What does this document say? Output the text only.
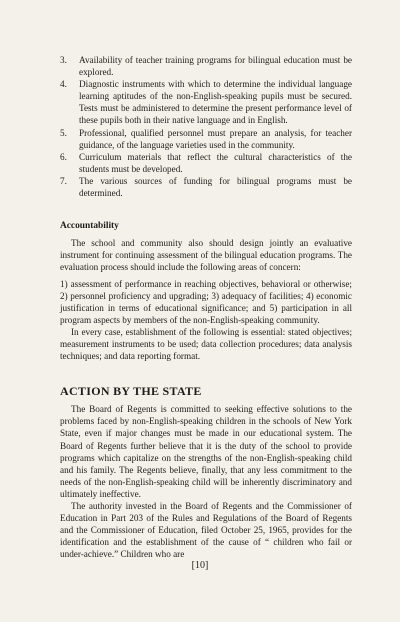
3.	Availability of teacher training programs for bilingual education must be explored.
4.	Diagnostic instruments with which to determine the individual language learning aptitudes of the non-English-speaking pupils must be secured. Tests must be administered to determine the present performance level of these pupils both in their native language and in English.
5.	Professional, qualified personnel must prepare an analysis, for teacher guidance, of the language varieties used in the community.
6.	Curriculum materials that reflect the cultural characteristics of the students must be developed.
7.	The various sources of funding for bilingual programs must be determined.
Accountability

The school and community also should design jointly an evaluative instrument for continuing assessment of the bilingual education programs. The evaluation process should include the following areas of concern:

1) assessment of performance in reaching objectives, behavioral or otherwise; 2) personnel proficiency and upgrading; 3) adequacy of facilities; 4) economic justification in terms of educational significance; and 5) participation in all program aspects by members of the non-English-speaking community.

In every case, establishment of the following is essential: stated objectives; measurement instruments to be used; data collection procedures; data analysis techniques; and data reporting format.

ACTION BY THE STATE

The Board of Regents is committed to seeking effective solutions to the problems faced by non-English-speaking children in the schools of New York State, even if major changes must be made in our educational system. The Board of Regents further believe that it is the duty of the school to provide programs which capitalize on the strengths of the non-English-speaking child and his family. The Regents believe, finally, that any less commitment to the needs of the non-English-speaking child will be inherently discriminatory and ultimately ineffective.

The authority invested in the Board of Regents and the Commissioner of Education in Part 203 of the Rules and Regulations of the Board of Regents and the Commissioner of Education, filed October 25, 1965, provides for the identification and the establishment of the cause of “ children who fail or under-achieve.” Children who are

[10]
